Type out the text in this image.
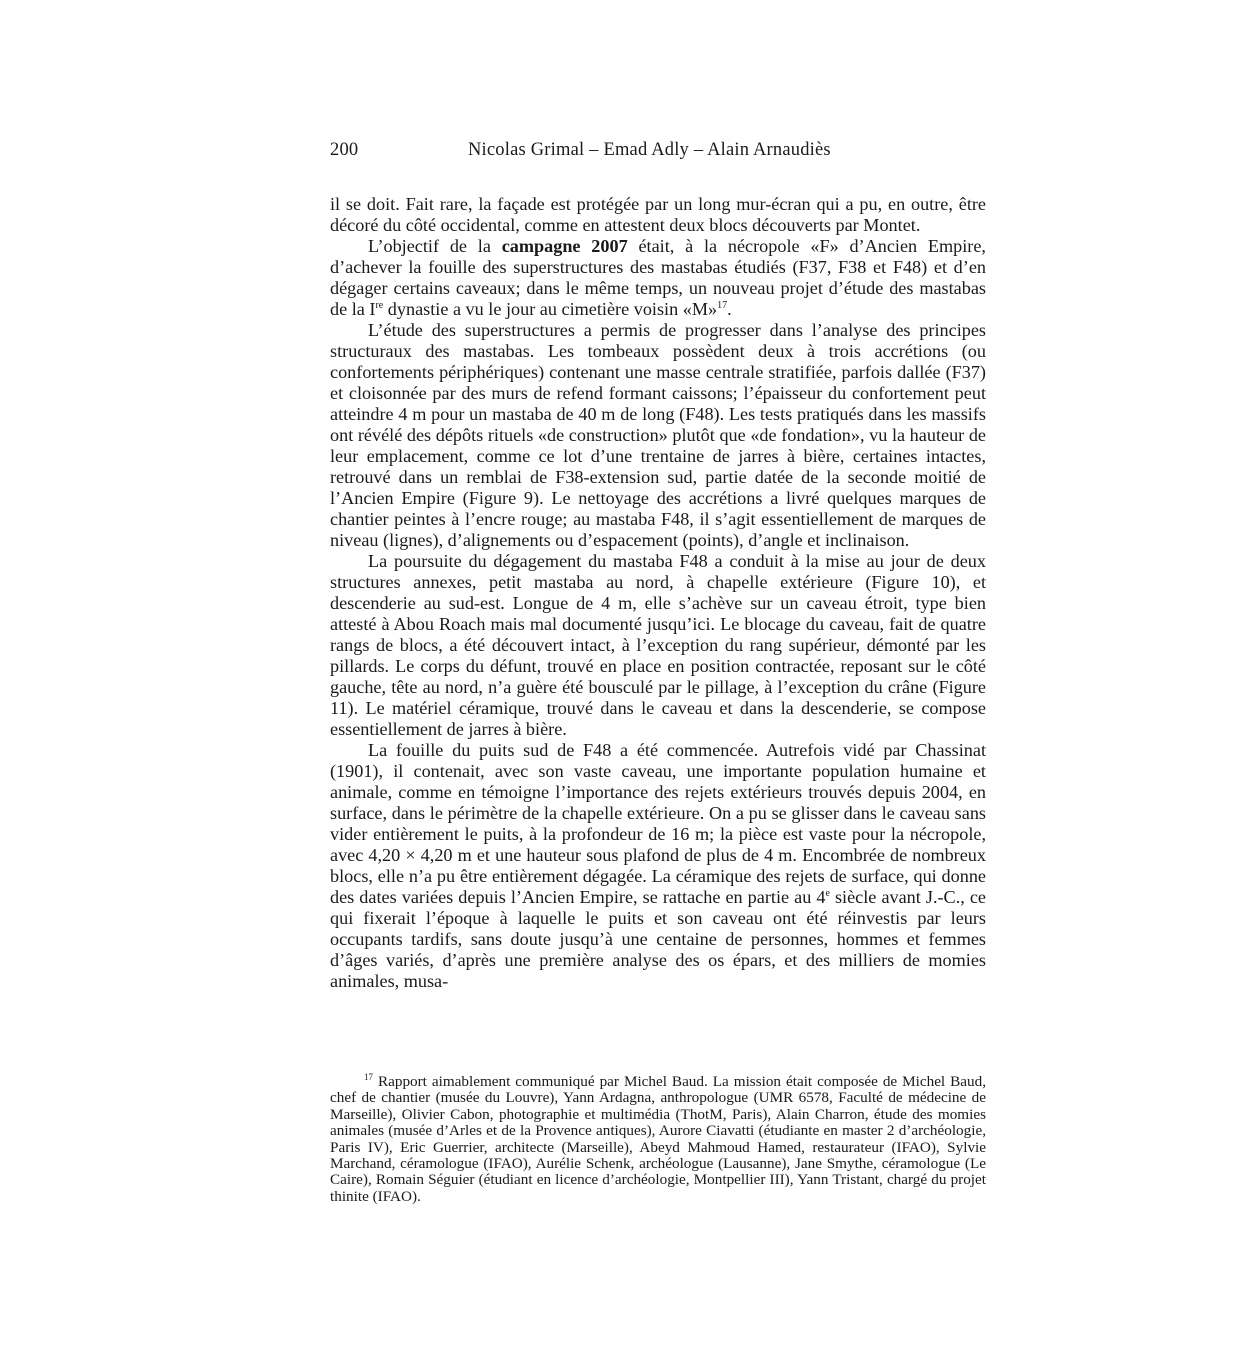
200	Nicolas Grimal – Emad Adly – Alain Arnaudiès

il se doit. Fait rare, la façade est protégée par un long mur-écran qui a pu, en outre, être décoré du côté occidental, comme en attestent deux blocs découverts par Montet.

L’objectif de la campagne 2007 était, à la nécropole «F» d’Ancien Empire, d’achever la fouille des superstructures des mastabas étudiés (F37, F38 et F48) et d’en dégager certains caveaux; dans le même temps, un nouveau projet d’étude des mastabas de la Ire dynastie a vu le jour au cimetière voisin «M»$^{17}$.

L’étude des superstructures a permis de progresser dans l’analyse des principes structuraux des mastabas. Les tombeaux possèdent deux à trois accrétions (ou confortements périphériques) contenant une masse centrale stratifiée, parfois dallée (F37) et cloisonnée par des murs de refend formant caissons; l’épaisseur du confortement peut atteindre 4 m pour un mastaba de 40 m de long (F48). Les tests pratiqués dans les massifs ont révélé des dépôts rituels «de construction» plutôt que «de fondation», vu la hauteur de leur emplacement, comme ce lot d’une trentaine de jarres à bière, certaines intactes, retrouvé dans un remblai de F38-extension sud, partie datée de la seconde moitié de l’Ancien Empire (Figure 9). Le nettoyage des accrétions a livré quelques marques de chantier peintes à l’encre rouge; au mastaba F48, il s’agit essentiellement de marques de niveau (lignes), d’alignements ou d’espacement (points), d’angle et inclinaison.

La poursuite du dégagement du mastaba F48 a conduit à la mise au jour de deux structures annexes, petit mastaba au nord, à chapelle extérieure (Figure 10), et descenderie au sud-est. Longue de 4 m, elle s’achève sur un caveau étroit, type bien attesté à Abou Roach mais mal documenté jusqu’ici. Le blocage du caveau, fait de quatre rangs de blocs, a été découvert intact, à l’exception du rang supérieur, démonté par les pillards. Le corps du défunt, trouvé en place en position contractée, reposant sur le côté gauche, tête au nord, n’a guère été bousculé par le pillage, à l’exception du crâne (Figure 11). Le matériel céramique, trouvé dans le caveau et dans la descenderie, se compose essentiellement de jarres à bière.

La fouille du puits sud de F48 a été commencée. Autrefois vidé par Chassinat (1901), il contenait, avec son vaste caveau, une importante population humaine et animale, comme en témoigne l’importance des rejets extérieurs trouvés depuis 2004, en surface, dans le périmètre de la chapelle extérieure. On a pu se glisser dans le caveau sans vider entièrement le puits, à la profondeur de 16 m; la pièce est vaste pour la nécropole, avec 4,20 × 4,20 m et une hauteur sous plafond de plus de 4 m. Encombrée de nombreux blocs, elle n’a pu être entièrement dégagée. La céramique des rejets de surface, qui donne des dates variées depuis l’Ancien Empire, se rattache en partie au 4e siècle avant J.-C., ce qui fixerait l’époque à laquelle le puits et son caveau ont été réinvestis par leurs occupants tardifs, sans doute jusqu’à une centaine de personnes, hommes et femmes d’âges variés, d’après une première analyse des os épars, et des milliers de momies animales, musa-

$^{17}$ Rapport aimablement communiqué par Michel Baud. La mission était composée de Michel Baud, chef de chantier (musée du Louvre), Yann Ardagna, anthropologue (UMR 6578, Faculté de médecine de Marseille), Olivier Cabon, photographie et multimédia (ThotM, Paris), Alain Charron, étude des momies animales (musée d’Arles et de la Provence antiques), Aurore Ciavatti (étudiante en master 2 d’archéologie, Paris IV), Eric Guerrier, architecte (Marseille), Abeyd Mahmoud Hamed, restaurateur (IFAO), Sylvie Marchand, céramologue (IFAO), Aurélie Schenk, archéologue (Lausanne), Jane Smythe, céramologue (Le Caire), Romain Séguier (étudiant en licence d’archéologie, Montpellier III), Yann Tristant, chargé du projet thinite (IFAO).
